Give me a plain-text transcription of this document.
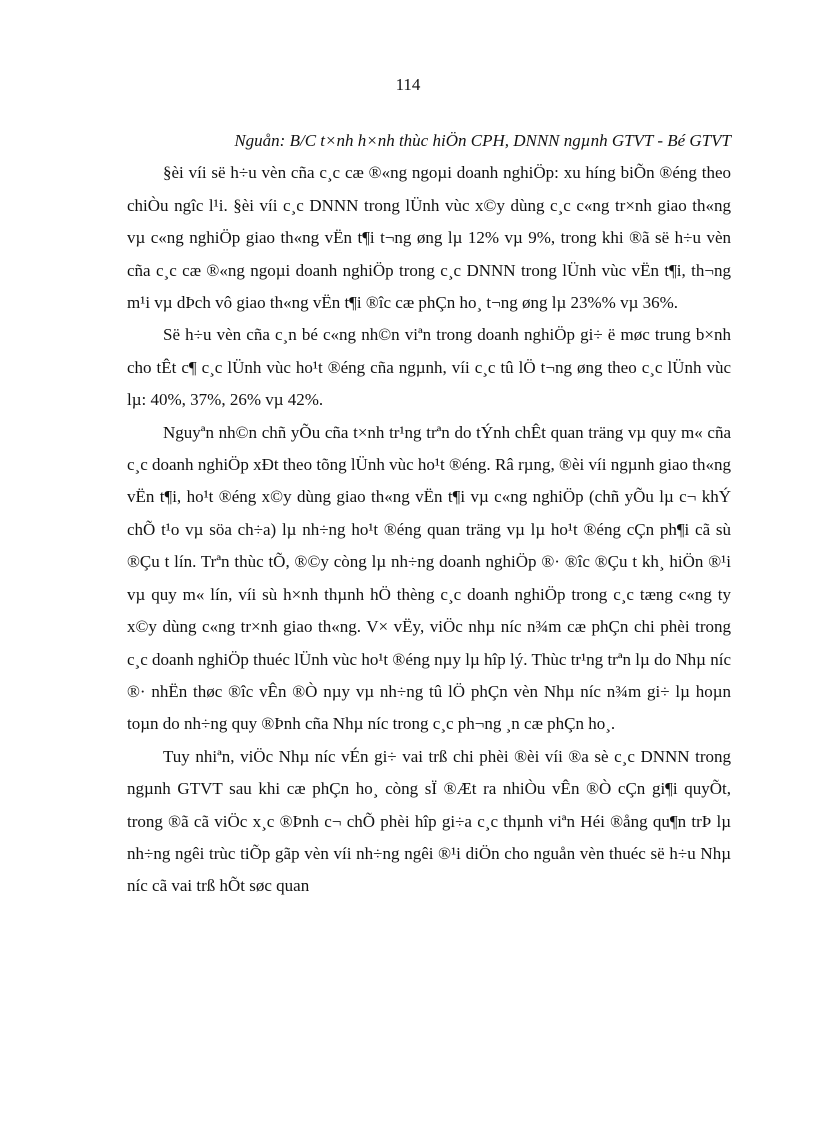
114

Nguån: B/C t×nh h×nh thùc hiÖn CPH, DNNN ngµnh GTVT - Bé GTVT

§èi víi së h÷u vèn cña c¸c cæ ®«ng ngoµi doanh nghiÖp: xu híng biÕn ®éng theo chiÒu ngîc l¹i. §èi víi c¸c DNNN trong lÜnh vùc x©y dùng c¸c c«ng tr×nh giao th«ng vµ c«ng nghiÖp giao th«ng vËn t¶i t¬ng øng lµ 12% vµ 9%, trong khi ®ã së h÷u vèn cña c¸c cæ ®«ng ngoµi doanh nghiÖp trong c¸c DNNN trong lÜnh vùc vËn t¶i, th¬ng m¹i vµ dÞch vô giao th«ng vËn t¶i ®îc cæ phÇn ho¸ t¬ng øng lµ 23%% vµ 36%.

Së h÷u vèn cña c¸n bé c«ng nh©n viªn trong doanh nghiÖp gi÷ ë møc trung b×nh cho tÊt c¶ c¸c lÜnh vùc ho¹t ®éng cña ngµnh, víi c¸c tû lÖ t¬ng øng theo c¸c lÜnh vùc lµ: 40%, 37%, 26% vµ 42%.

Nguyªn nh©n chñ yÕu cña t×nh tr¹ng trªn do tÝnh chÊt quan träng vµ quy m« cña c¸c doanh nghiÖp xÐt theo tõng lÜnh vùc ho¹t ®éng. Râ rµng, ®èi víi ngµnh giao th«ng vËn t¶i, ho¹t ®éng x©y dùng giao th«ng vËn t¶i vµ c«ng nghiÖp (chñ yÕu lµ c¬ khÝ chÕ t¹o vµ söa ch÷a) lµ nh÷ng ho¹t ®éng quan träng vµ lµ ho¹t ®éng cÇn ph¶i cã sù ®Çu t lín. Trªn thùc tÕ, ®©y còng lµ nh÷ng doanh nghiÖp ®· ®îc ®Çu t kh¸ hiÖn ®¹i vµ quy m« lín, víi sù h×nh thµnh hÖ thèng c¸c doanh nghiÖp trong c¸c tæng c«ng ty x©y dùng c«ng tr×nh giao th«ng. V× vËy, viÖc nhµ níc n¾m cæ phÇn chi phèi trong c¸c doanh nghiÖp thuéc lÜnh vùc ho¹t ®éng nµy lµ hîp lý. Thùc tr¹ng trªn lµ do Nhµ níc ®· nhËn thøc ®îc vÊn ®Ò nµy vµ nh÷ng tû lÖ phÇn vèn Nhµ níc n¾m gi÷ lµ hoµn toµn do nh÷ng quy ®Þnh cña Nhµ níc trong c¸c ph¬ng ¸n cæ phÇn ho¸.

Tuy nhiªn, viÖc Nhµ níc vÉn gi÷ vai trß chi phèi ®èi víi ®a sè c¸c DNNN trong ngµnh GTVT sau khi cæ phÇn ho¸ còng sÏ ®Æt ra nhiÒu vÊn ®Ò cÇn gi¶i quyÕt, trong ®ã cã viÖc x¸c ®Þnh c¬ chÕ phèi hîp gi÷a c¸c thµnh viªn Héi ®ång qu¶n trÞ lµ nh÷ng ngêi trùc tiÕp gãp vèn víi nh÷ng ngêi ®¹i diÖn cho nguån vèn thuéc së h÷u Nhµ níc cã vai trß hÕt søc quan
